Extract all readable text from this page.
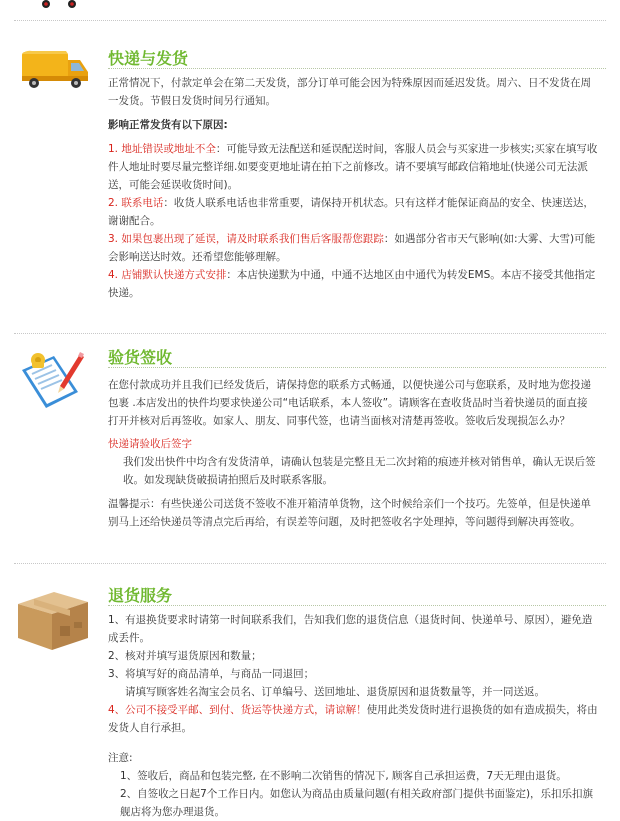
快递与发货

正常情况下，付款定单会在第二天发货，部分订单可能会因为特殊原因而延迟发货。周六、日不发货在周一发货。节假日发货时间另行通知。

影响正常发货有以下原因:

1. 地址错误或地址不全：可能导致无法配送和延误配送时间，客服人员会与买家进一步核实;买家在填写收件人地址时要尽量完整详细.如要变更地址请在拍下之前修改。请不要填写邮政信箱地址(快递公司无法派送，可能会延误收货时间)。

2. 联系电话：收货人联系电话也非常重要，请保持开机状态。只有这样才能保证商品的安全、快速送达，谢谢配合。

3. 如果包裹出现了延误，请及时联系我们售后客服帮您跟踪：如遇部分省市天气影响(如:大雾、大雪)可能会影响送达时效。还希望您能够理解。

4. 店铺默认快递方式安排：本店快递默为中通，中通不达地区由中通代为转发EMS。本店不接受其他指定快递。

验货签收

在您付款成功并且我们已经发货后，请保持您的联系方式畅通，以便快递公司与您联系，及时地为您投递包裹 .本店发出的快件均要求快递公司“电话联系，本人签收”。请顾客在查收货品时当着快递员的面直接打开并核对后再签收。如家人、朋友、同事代签，也请当面核对清楚再签收。签收后发现损怎么办？

快递请验收后签字

我们发出快件中均含有发货清单，请确认包装是完整且无二次封箱的痕迹并核对销售单，确认无误后签收。如发现缺货破损请拍照后及时联系客服。

温馨提示：有些快递公司送货不签收不准开箱清单货物，这个时候给亲们一个技巧。先签单，但是快递单别马上还给快递员等清点完后再给，有误差等问题，及时把签收名字处理掉，等问题得到解决再签收。

退货服务

1、有退换货要求时请第一时间联系我们，告知我们您的退货信息（退货时间、快递单号、原因），避免造成丢件。

2、核对并填写退货原因和数量；

3、将填写好的商品清单，与商品一同退回；

请填写顾客姓名淘宝会员名、订单编号、送回地址、退货原因和退货数量等，并一同送返。

4、公司不接受平邮、到付、货运等快递方式，请谅解！使用此类发货时进行退换货的如有造成损失，将由发货人自行承担。

注意:

1、签收后，商品和包装完整, 在不影响二次销售的情况下, 顾客自己承担运费，7天无理由退货。

2、自签收之日起7个工作日内。如您认为商品由质量问题(有相关政府部门提供书面鉴定)，乐扣乐扣旗舰店将为您办理退货。
